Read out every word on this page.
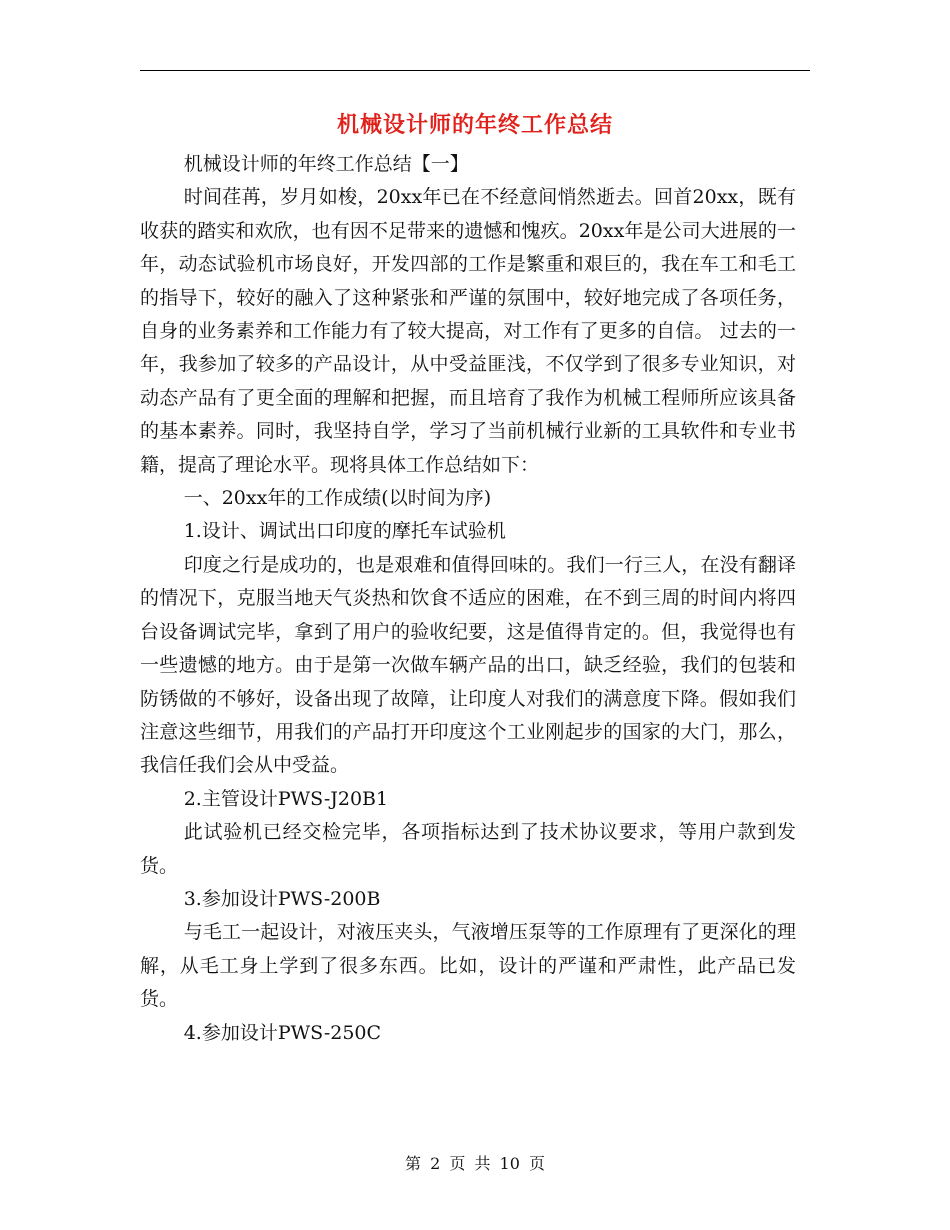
机械设计师的年终工作总结

机械设计师的年终工作总结【一】

时间荏苒，岁月如梭，20xx年已在不经意间悄然逝去。回首20xx，既有收获的踏实和欢欣，也有因不足带来的遗憾和愧疚。20xx年是公司大进展的一年，动态试验机市场良好，开发四部的工作是繁重和艰巨的，我在车工和毛工的指导下，较好的融入了这种紧张和严谨的氛围中，较好地完成了各项任务，自身的业务素养和工作能力有了较大提高，对工作有了更多的自信。 过去的一年，我参加了较多的产品设计，从中受益匪浅，不仅学到了很多专业知识，对动态产品有了更全面的理解和把握，而且培育了我作为机械工程师所应该具备的基本素养。同时，我坚持自学，学习了当前机械行业新的工具软件和专业书籍，提高了理论水平。现将具体工作总结如下：

一、20xx年的工作成绩(以时间为序)

1.设计、调试出口印度的摩托车试验机

印度之行是成功的，也是艰难和值得回味的。我们一行三人，在没有翻译的情况下，克服当地天气炎热和饮食不适应的困难，在不到三周的时间内将四台设备调试完毕，拿到了用户的验收纪要，这是值得肯定的。但，我觉得也有一些遗憾的地方。由于是第一次做车辆产品的出口，缺乏经验，我们的包装和防锈做的不够好，设备出现了故障，让印度人对我们的满意度下降。假如我们注意这些细节，用我们的产品打开印度这个工业刚起步的国家的大门，那么，我信任我们会从中受益。

2.主管设计PWS-J20B1

此试验机已经交检完毕，各项指标达到了技术协议要求，等用户款到发货。

3.参加设计PWS-200B

与毛工一起设计，对液压夹头，气液增压泵等的工作原理有了更深化的理解，从毛工身上学到了很多东西。比如，设计的严谨和严肃性，此产品已发货。

4.参加设计PWS-250C

第 2 页 共 10 页
